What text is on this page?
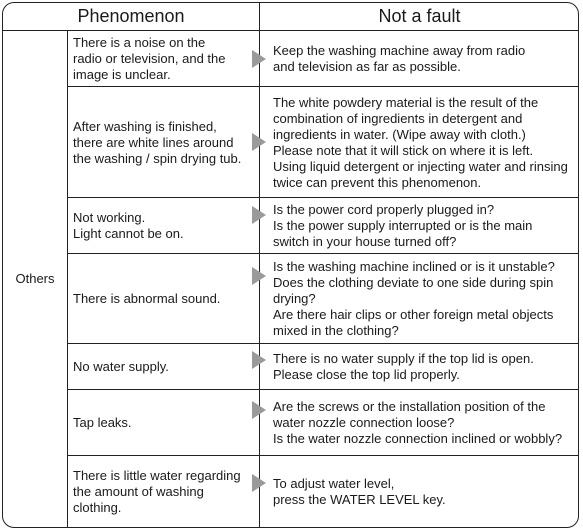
Phenomenon	Not a fault
Others
There is a noise on the
radio or television, and the
image is unclear.
Keep the washing machine away from radio
and television as far as possible.
After washing is finished,
there are white lines around
the washing / spin drying tub.
The white powdery material is the result of the
combination of ingredients in detergent and
ingredients in water. (Wipe away with cloth.)
Please note that it will stick on where it is left.
Using liquid detergent or injecting water and rinsing
twice can prevent this phenomenon.
Not working.
Light cannot be on.
Is the power cord properly plugged in?
Is the power supply interrupted or is the main
switch in your house turned off?
There is abnormal sound.
Is the washing machine inclined or is it unstable?
Does the clothing deviate to one side during spin
drying?
Are there hair clips or other foreign metal objects
mixed in the clothing?
No water supply.
There is no water supply if the top lid is open.
Please close the top lid properly.
Tap leaks.
Are the screws or the installation position of the
water nozzle connection loose?
Is the water nozzle connection inclined or wobbly?
There is little water regarding
the amount of washing
clothing.
To adjust water level,
press the WATER LEVEL key.
